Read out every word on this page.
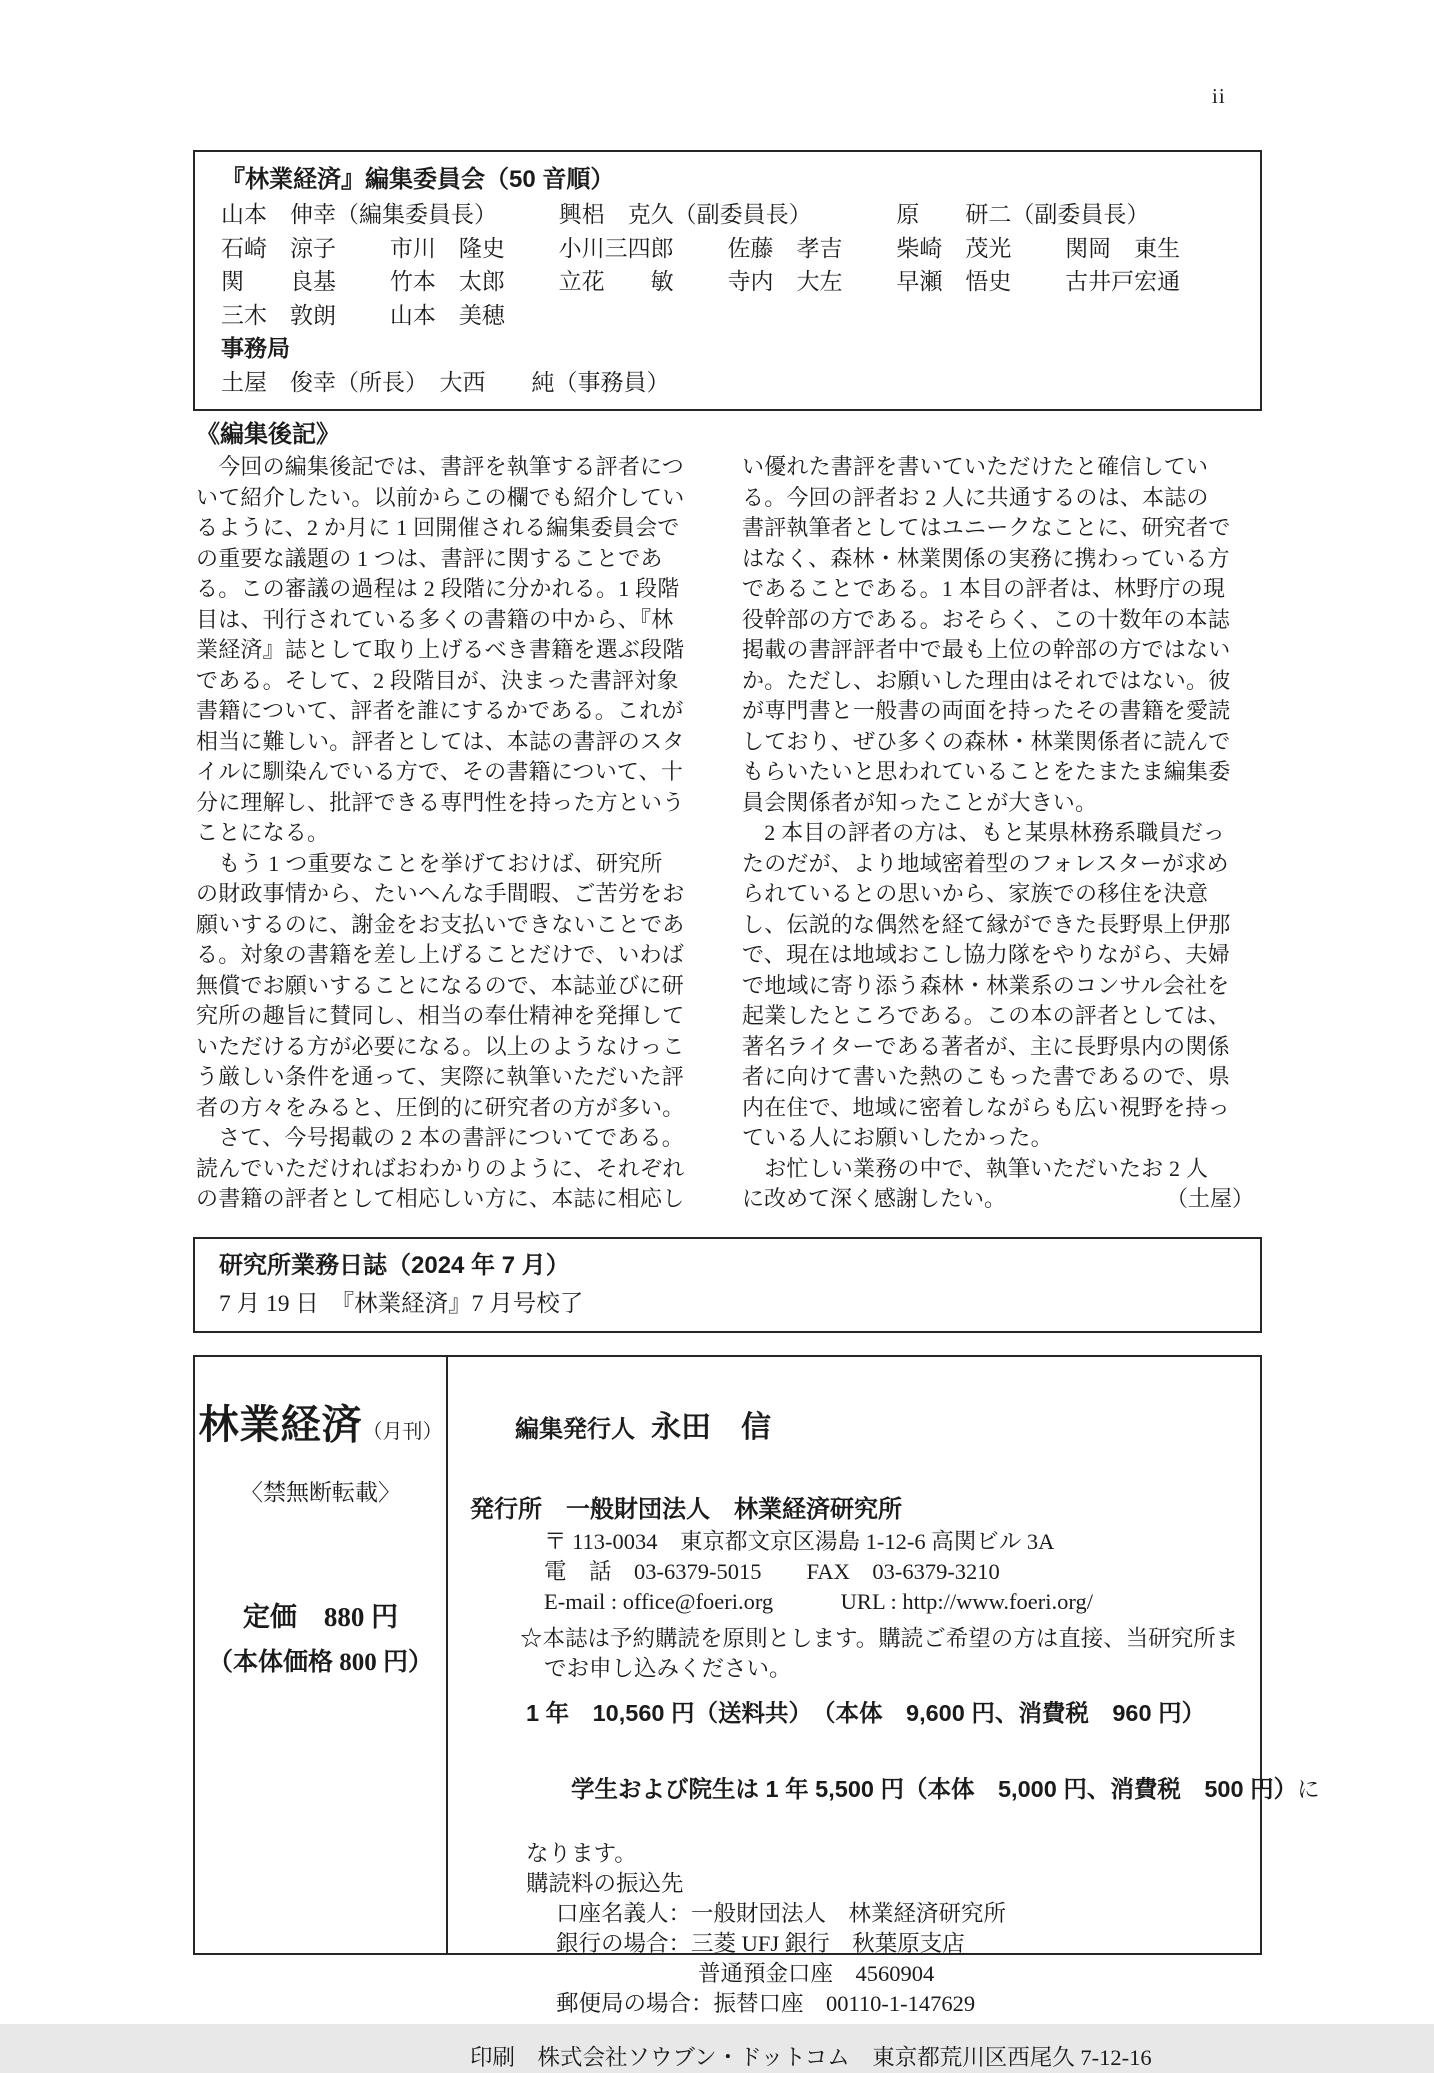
ii
『林業経済』編集委員会（50 音順）
山本　伸幸（編集委員長）	興梠　克久（副委員長）	原　　研二（副委員長）
石崎　涼子	市川　隆史	小川三四郎	佐藤　孝吉	柴崎　茂光	関岡　東生
関　　良基	竹本　太郎	立花　　敏	寺内　大左	早瀬　悟史	古井戸宏通
三木　敦朗	山本　美穂
事務局
土屋　俊幸（所長）　大西　　純（事務員）
《編集後記》
　今回の編集後記では、書評を執筆する評者につ
いて紹介したい。以前からこの欄でも紹介してい
るように、2 か月に 1 回開催される編集委員会で
の重要な議題の 1 つは、書評に関することであ
る。この審議の過程は 2 段階に分かれる。1 段階
目は、刊行されている多くの書籍の中から、『林
業経済』誌として取り上げるべき書籍を選ぶ段階
である。そして、2 段階目が、決まった書評対象
書籍について、評者を誰にするかである。これが
相当に難しい。評者としては、本誌の書評のスタ
イルに馴染んでいる方で、その書籍について、十
分に理解し、批評できる専門性を持った方という
ことになる。
　もう 1 つ重要なことを挙げておけば、研究所
の財政事情から、たいへんな手間暇、ご苦労をお
願いするのに、謝金をお支払いできないことであ
る。対象の書籍を差し上げることだけで、いわば
無償でお願いすることになるので、本誌並びに研
究所の趣旨に賛同し、相当の奉仕精神を発揮して
いただける方が必要になる。以上のようなけっこ
う厳しい条件を通って、実際に執筆いただいた評
者の方々をみると、圧倒的に研究者の方が多い。
　さて、今号掲載の 2 本の書評についてである。
読んでいただければおわかりのように、それぞれ
の書籍の評者として相応しい方に、本誌に相応し
い優れた書評を書いていただけたと確信してい
る。今回の評者お 2 人に共通するのは、本誌の
書評執筆者としてはユニークなことに、研究者で
はなく、森林・林業関係の実務に携わっている方
であることである。1 本目の評者は、林野庁の現
役幹部の方である。おそらく、この十数年の本誌
掲載の書評評者中で最も上位の幹部の方ではない
か。ただし、お願いした理由はそれではない。彼
が専門書と一般書の両面を持ったその書籍を愛読
しており、ぜひ多くの森林・林業関係者に読んで
もらいたいと思われていることをたまたま編集委
員会関係者が知ったことが大きい。
　2 本目の評者の方は、もと某県林務系職員だっ
たのだが、より地域密着型のフォレスターが求め
られているとの思いから、家族での移住を決意
し、伝説的な偶然を経て縁ができた長野県上伊那
で、現在は地域おこし協力隊をやりながら、夫婦
で地域に寄り添う森林・林業系のコンサル会社を
起業したところである。この本の評者としては、
著名ライターである著者が、主に長野県内の関係
者に向けて書いた熱のこもった書であるので、県
内在住で、地域に密着しながらも広い視野を持っ
ている人にお願いしたかった。
　お忙しい業務の中で、執筆いただいたお 2 人
に改めて深く感謝したい。	（土屋）
研究所業務日誌（2024 年 7 月）
7 月 19 日　『林業経済』7 月号校了
林業経済（月刊）
〈禁無断転載〉
定価　880 円
（本体価格 800 円）

編集発行人 永田　信

発行所　一般財団法人　林業経済研究所
〒 113-0034　東京都文京区湯島 1-12-6 高関ビル 3A
電　話　03-6379-5015　　FAX　03-6379-3210
E-mail : office@foeri.org　　　URL : http://www.foeri.org/
☆本誌は予約購読を原則とします。購読ご希望の方は直接、当研究所ま
でお申し込みください。
1 年　10,560 円（送料共）　（本体　9,600 円、消費税　960 円）

学生および院生は 1 年 5,500 円（本体　5,000 円、消費税　500 円）に

なります。
購読料の振込先
口座名義人：一般財団法人　林業経済研究所
銀行の場合：三菱 UFJ 銀行　秋葉原支店
普通預金口座　4560904
郵便局の場合：振替口座　00110-1-147629
印刷　株式会社ソウブン・ドットコム　東京都荒川区西尾久 7-12-16
